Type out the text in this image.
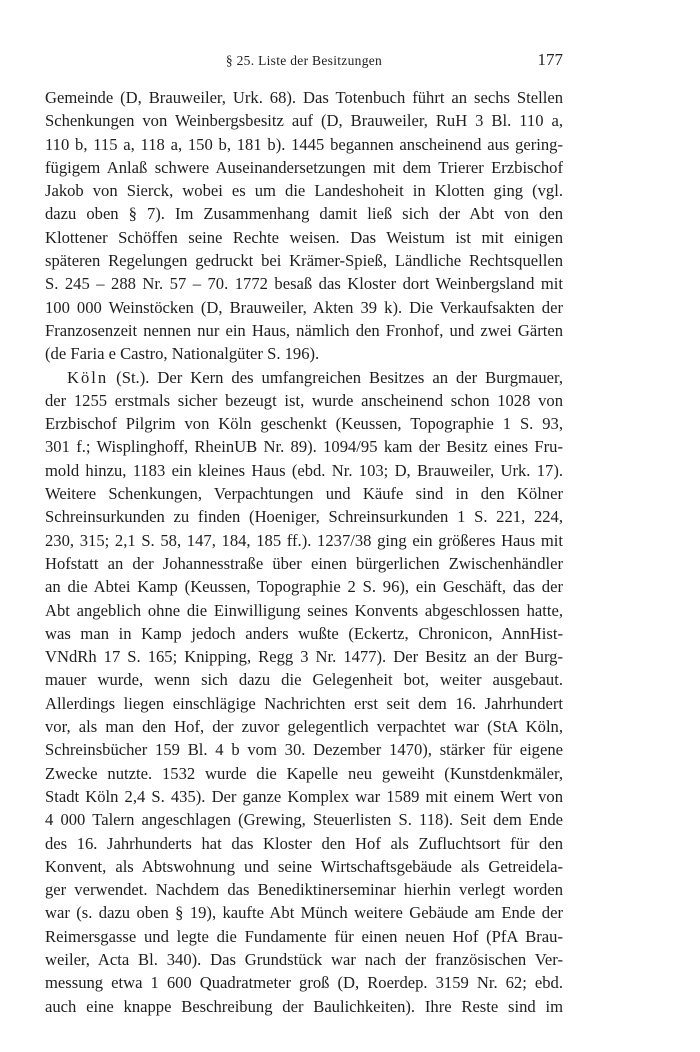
§ 25. Liste der Besitzungen	177
Gemeinde (D, Brauweiler, Urk. 68). Das Totenbuch führt an sechs Stellen
Schenkungen von Weinbergsbesitz auf (D, Brauweiler, RuH 3 Bl. 110 a,
110 b, 115 a, 118 a, 150 b, 181 b). 1445 begannen anscheinend aus gering-
fügigem Anlaß schwere Auseinandersetzungen mit dem Trierer Erzbischof
Jakob von Sierck, wobei es um die Landeshoheit in Klotten ging (vgl.
dazu oben § 7). Im Zusammenhang damit ließ sich der Abt von den
Klottener Schöffen seine Rechte weisen. Das Weistum ist mit einigen
späteren Regelungen gedruckt bei Krämer-Spieß, Ländliche Rechtsquellen
S. 245 – 288 Nr. 57 – 70. 1772 besaß das Kloster dort Weinbergsland mit
100 000 Weinstöcken (D, Brauweiler, Akten 39 k). Die Verkaufsakten der
Franzosenzeit nennen nur ein Haus, nämlich den Fronhof, und zwei Gärten
(de Faria e Castro, Nationalgüter S. 196).
Köln (St.). Der Kern des umfangreichen Besitzes an der Burgmauer,
der 1255 erstmals sicher bezeugt ist, wurde anscheinend schon 1028 von
Erzbischof Pilgrim von Köln geschenkt (Keussen, Topographie 1 S. 93,
301 f.; Wisplinghoff, RheinUB Nr. 89). 1094/95 kam der Besitz eines Fru-
mold hinzu, 1183 ein kleines Haus (ebd. Nr. 103; D, Brauweiler, Urk. 17).
Weitere Schenkungen, Verpachtungen und Käufe sind in den Kölner
Schreinsurkunden zu finden (Hoeniger, Schreinsurkunden 1 S. 221, 224,
230, 315; 2,1 S. 58, 147, 184, 185 ff.). 1237/38 ging ein größeres Haus mit
Hofstatt an der Johannesstraße über einen bürgerlichen Zwischenhändler
an die Abtei Kamp (Keussen, Topographie 2 S. 96), ein Geschäft, das der
Abt angeblich ohne die Einwilligung seines Konvents abgeschlossen hatte,
was man in Kamp jedoch anders wußte (Eckertz, Chronicon, AnnHist-
VNdRh 17 S. 165; Knipping, Regg 3 Nr. 1477). Der Besitz an der Burg-
mauer wurde, wenn sich dazu die Gelegenheit bot, weiter ausgebaut.
Allerdings liegen einschlägige Nachrichten erst seit dem 16. Jahrhundert
vor, als man den Hof, der zuvor gelegentlich verpachtet war (StA Köln,
Schreinsbücher 159 Bl. 4 b vom 30. Dezember 1470), stärker für eigene
Zwecke nutzte. 1532 wurde die Kapelle neu geweiht (Kunstdenkmäler,
Stadt Köln 2,4 S. 435). Der ganze Komplex war 1589 mit einem Wert von
4 000 Talern angeschlagen (Grewing, Steuerlisten S. 118). Seit dem Ende
des 16. Jahrhunderts hat das Kloster den Hof als Zufluchtsort für den
Konvent, als Abtswohnung und seine Wirtschaftsgebäude als Getreidela-
ger verwendet. Nachdem das Benediktinerseminar hierhin verlegt worden
war (s. dazu oben § 19), kaufte Abt Münch weitere Gebäude am Ende der
Reimersgasse und legte die Fundamente für einen neuen Hof (PfA Brau-
weiler, Acta Bl. 340). Das Grundstück war nach der französischen Ver-
messung etwa 1 600 Quadratmeter groß (D, Roerdep. 3159 Nr. 62; ebd.
auch eine knappe Beschreibung der Baulichkeiten). Ihre Reste sind im
